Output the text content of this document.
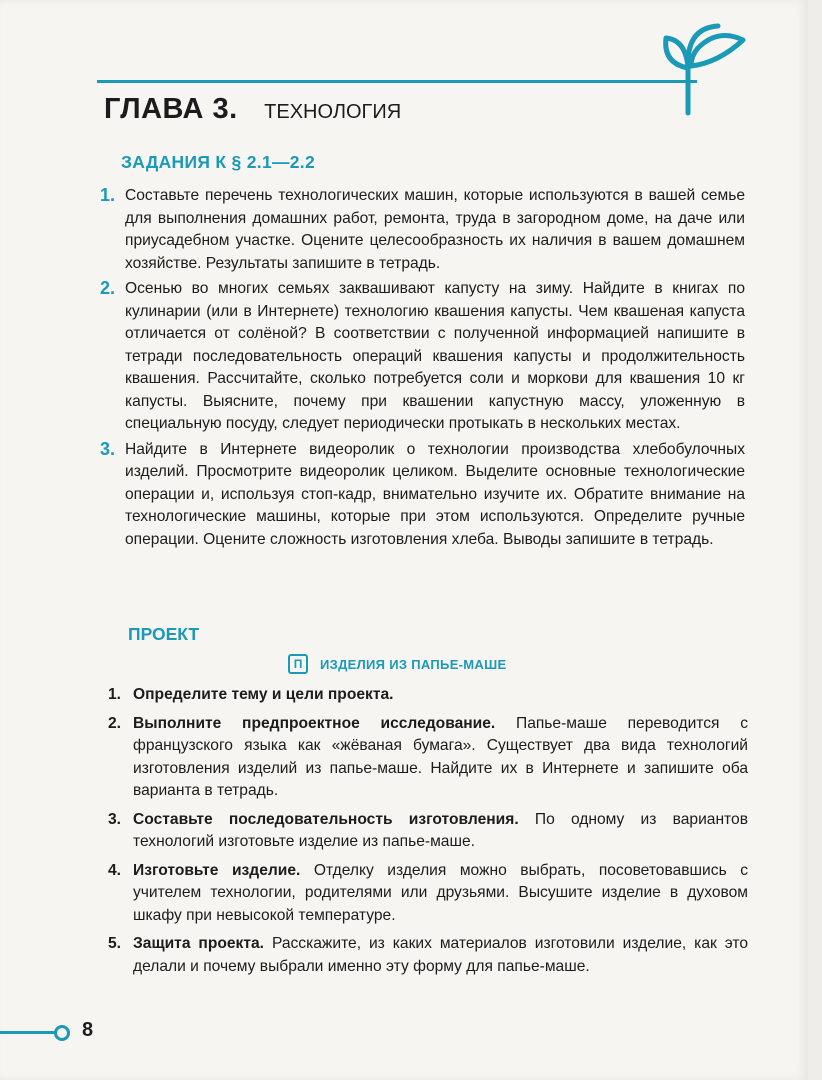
ГЛАВА 3. ТЕХНОЛОГИЯ
ЗАДАНИЯ К § 2.1—2.2
1. Составьте перечень технологических машин, которые используются в вашей семье для выполнения домашних работ, ремонта, труда в загородном доме, на даче или приусадебном участке. Оцените целесообразность их наличия в вашем домашнем хозяйстве. Результаты запишите в тетрадь.
2. Осенью во многих семьях заквашивают капусту на зиму. Найдите в книгах по кулинарии (или в Интернете) технологию квашения капусты. Чем квашеная капуста отличается от солёной? В соответствии с полученной информацией напишите в тетради последовательность операций квашения капусты и продолжительность квашения. Рассчитайте, сколько потребуется соли и моркови для квашения 10 кг капусты. Выясните, почему при квашении капустную массу, уложенную в специальную посуду, следует периодически протыкать в нескольких местах.
3. Найдите в Интернете видеоролик о технологии производства хлебобулочных изделий. Просмотрите видеоролик целиком. Выделите основные технологические операции и, используя стоп-кадр, внимательно изучите их. Обратите внимание на технологические машины, которые при этом используются. Определите ручные операции. Оцените сложность изготовления хлеба. Выводы запишите в тетрадь.
ПРОЕКТ
П	ИЗДЕЛИЯ ИЗ ПАПЬЕ-МАШЕ
1. Определите тему и цели проекта.
2. Выполните предпроектное исследование. Папье-маше переводится с французского языка как «жёваная бумага». Существует два вида технологий изготовления изделий из папье-маше. Найдите их в Интернете и запишите оба варианта в тетрадь.
3. Составьте последовательность изготовления. По одному из вариантов технологий изготовьте изделие из папье-маше.
4. Изготовьте изделие. Отделку изделия можно выбрать, посоветовавшись с учителем технологии, родителями или друзьями. Высушите изделие в духовом шкафу при невысокой температуре.
5. Защита проекта. Расскажите, из каких материалов изготовили изделие, как это делали и почему выбрали именно эту форму для папье-маше.
8
